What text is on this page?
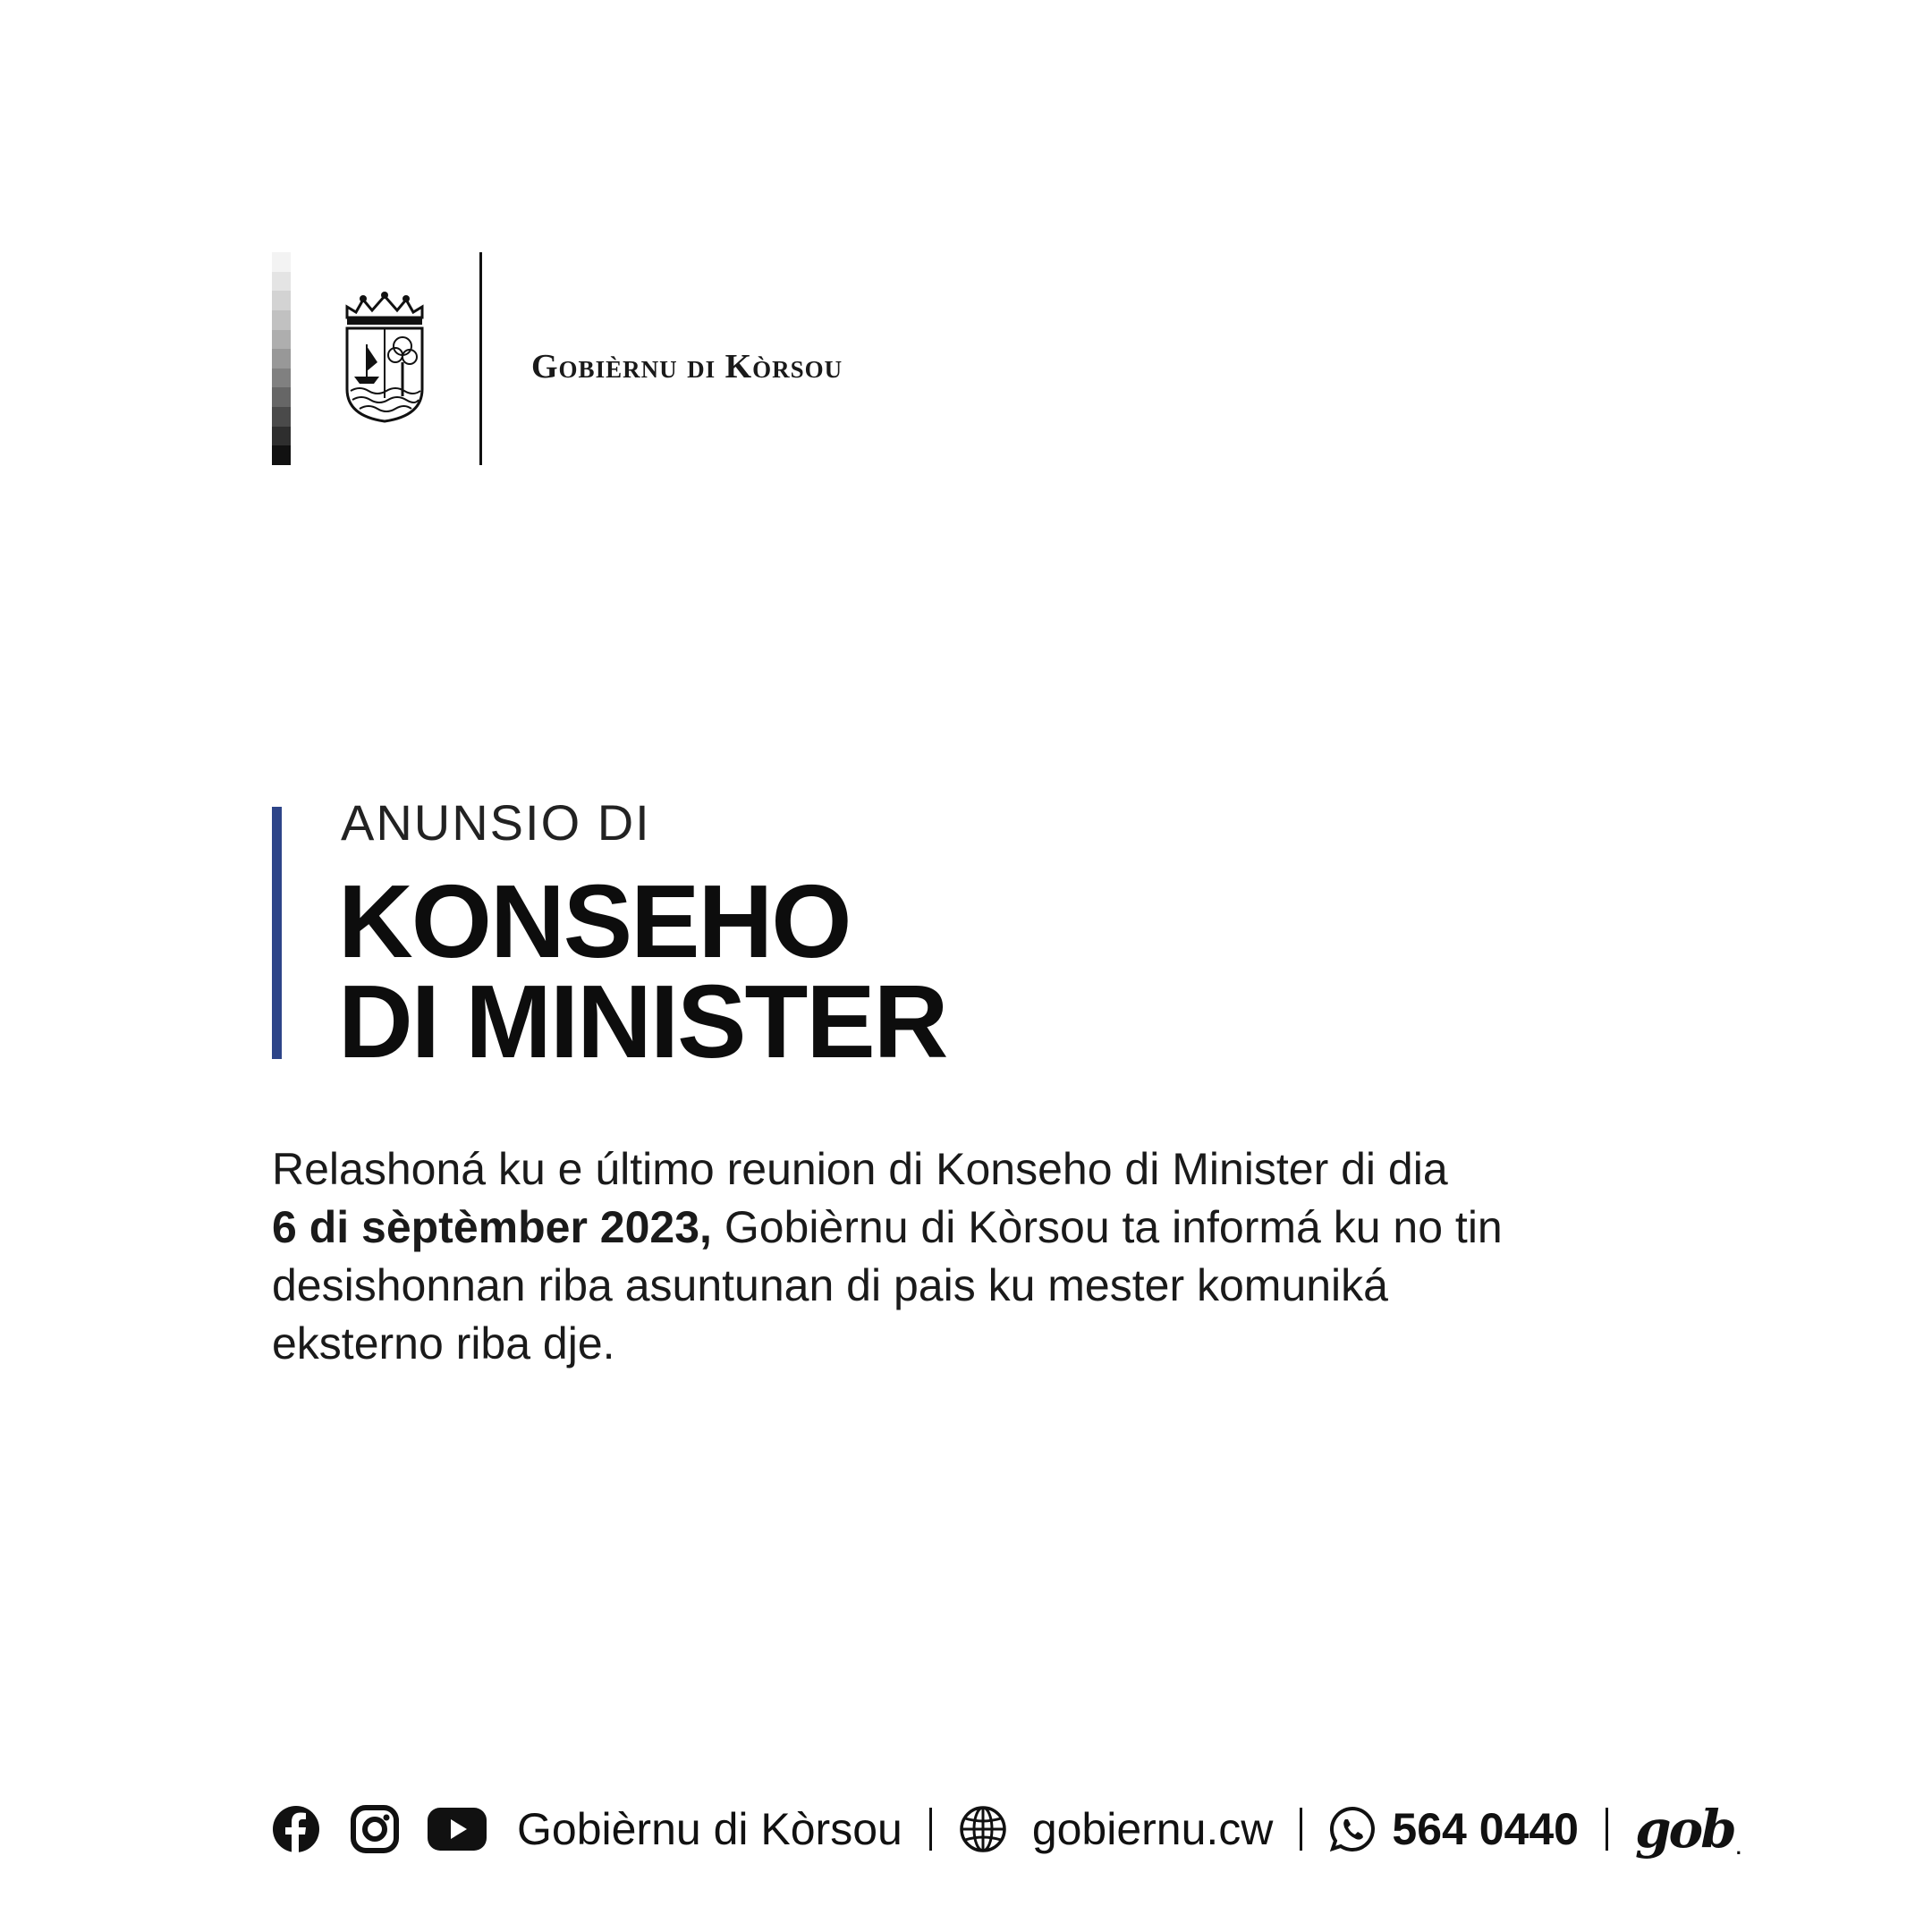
Gobièrnu di Kòrsou
ANUNSIO DI
KONSEHO
DI MINISTER
Relashoná ku e último reunion di Konseho di Minister di dia
6 di sèptèmber 2023, Gobièrnu di Kòrsou ta informá ku no tin
desishonnan riba asuntunan di pais ku mester komuniká
eksterno riba dje.
Gobièrnu di Kòrsou	gobiernu.cw	564 0440 gob .
